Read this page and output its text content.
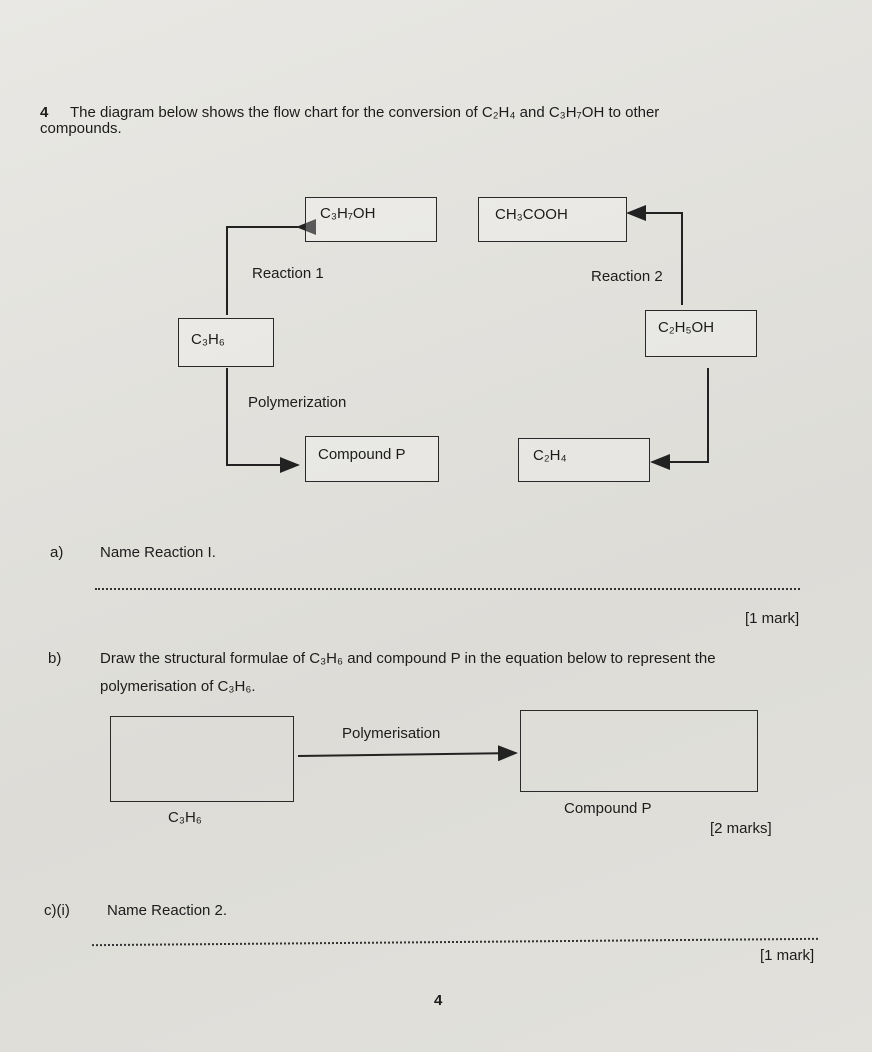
4 The diagram below shows the flow chart for the conversion of C₂H₄ and C₃H₇OH to other
compounds.
C₃H₇OH	CH₃COOH
C₃H₆
C₂H₅OH
Compound P	C₂H₄
Reaction 1	Reaction 2
Polymerization
a) Name Reaction I.
[1 mark]
b)	Draw the structural formulae of C₃H₆ and compound P in the equation below to represent the
polymerisation of C₃H₆.
Polymerisation
C₃H₆
Compound P
[2 marks]
c)(i) Name Reaction 2.
[1 mark]
4
